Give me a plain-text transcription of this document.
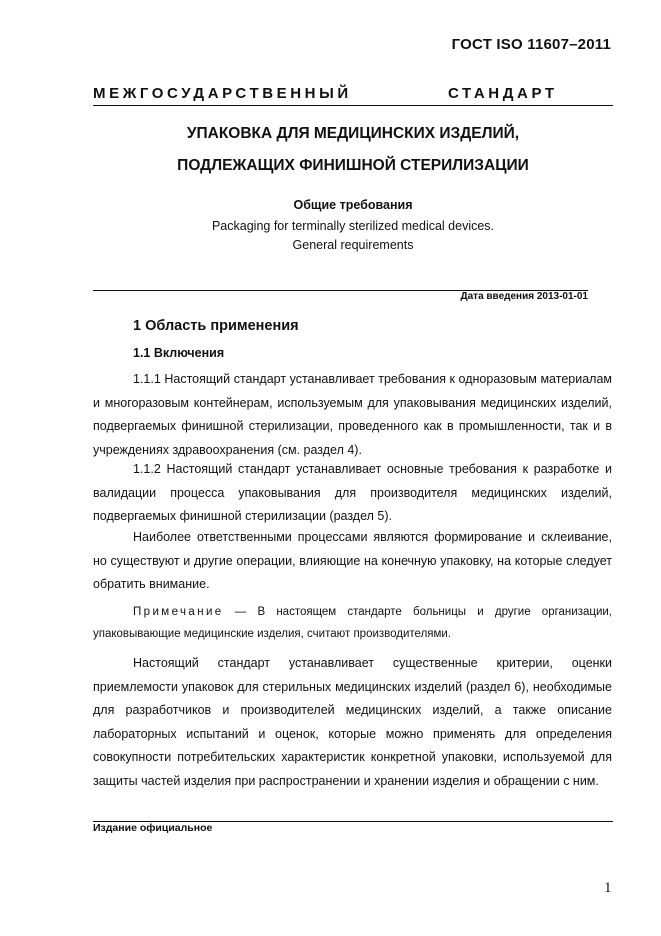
ГОСТ ISO 11607–2011
МЕЖГОСУДАРСТВЕННЫЙ	СТАНДАРТ
УПАКОВКА ДЛЯ МЕДИЦИНСКИХ ИЗДЕЛИЙ,
ПОДЛЕЖАЩИХ ФИНИШНОЙ СТЕРИЛИЗАЦИИ
Общие требования
Packaging for terminally sterilized medical devices.
General requirements
Дата введения 2013-01-01
1 Область применения
1.1 Включения
1.1.1 Настоящий стандарт устанавливает требования к одноразовым материалам и многоразовым контейнерам, используемым для упаковывания медицинских изделий, подвергаемых финишной стерилизации, проведенного как в промышленности, так и в учреждениях здравоохранения (см. раздел 4).
1.1.2 Настоящий стандарт устанавливает основные требования к разработке и валидации процесса упаковывания для производителя медицинских изделий, подвергаемых финишной стерилизации (раздел 5).
Наиболее ответственными процессами являются формирование и склеивание, но существуют и другие операции, влияющие на конечную упаковку, на которые следует обратить внимание.
Примечание — В настоящем стандарте больницы и другие организации, упаковывающие медицинские изделия, считают производителями.
Настоящий стандарт устанавливает существенные критерии, оценки приемлемости упаковок для стерильных медицинских изделий (раздел 6), необходимые для разработчиков и производителей медицинских изделий, а также описание лабораторных испытаний и оценок, которые можно применять для определения совокупности потребительских характеристик конкретной упаковки, используемой для защиты частей изделия при распространении и хранении изделия и обращении с ним.
Издание официальное
1
